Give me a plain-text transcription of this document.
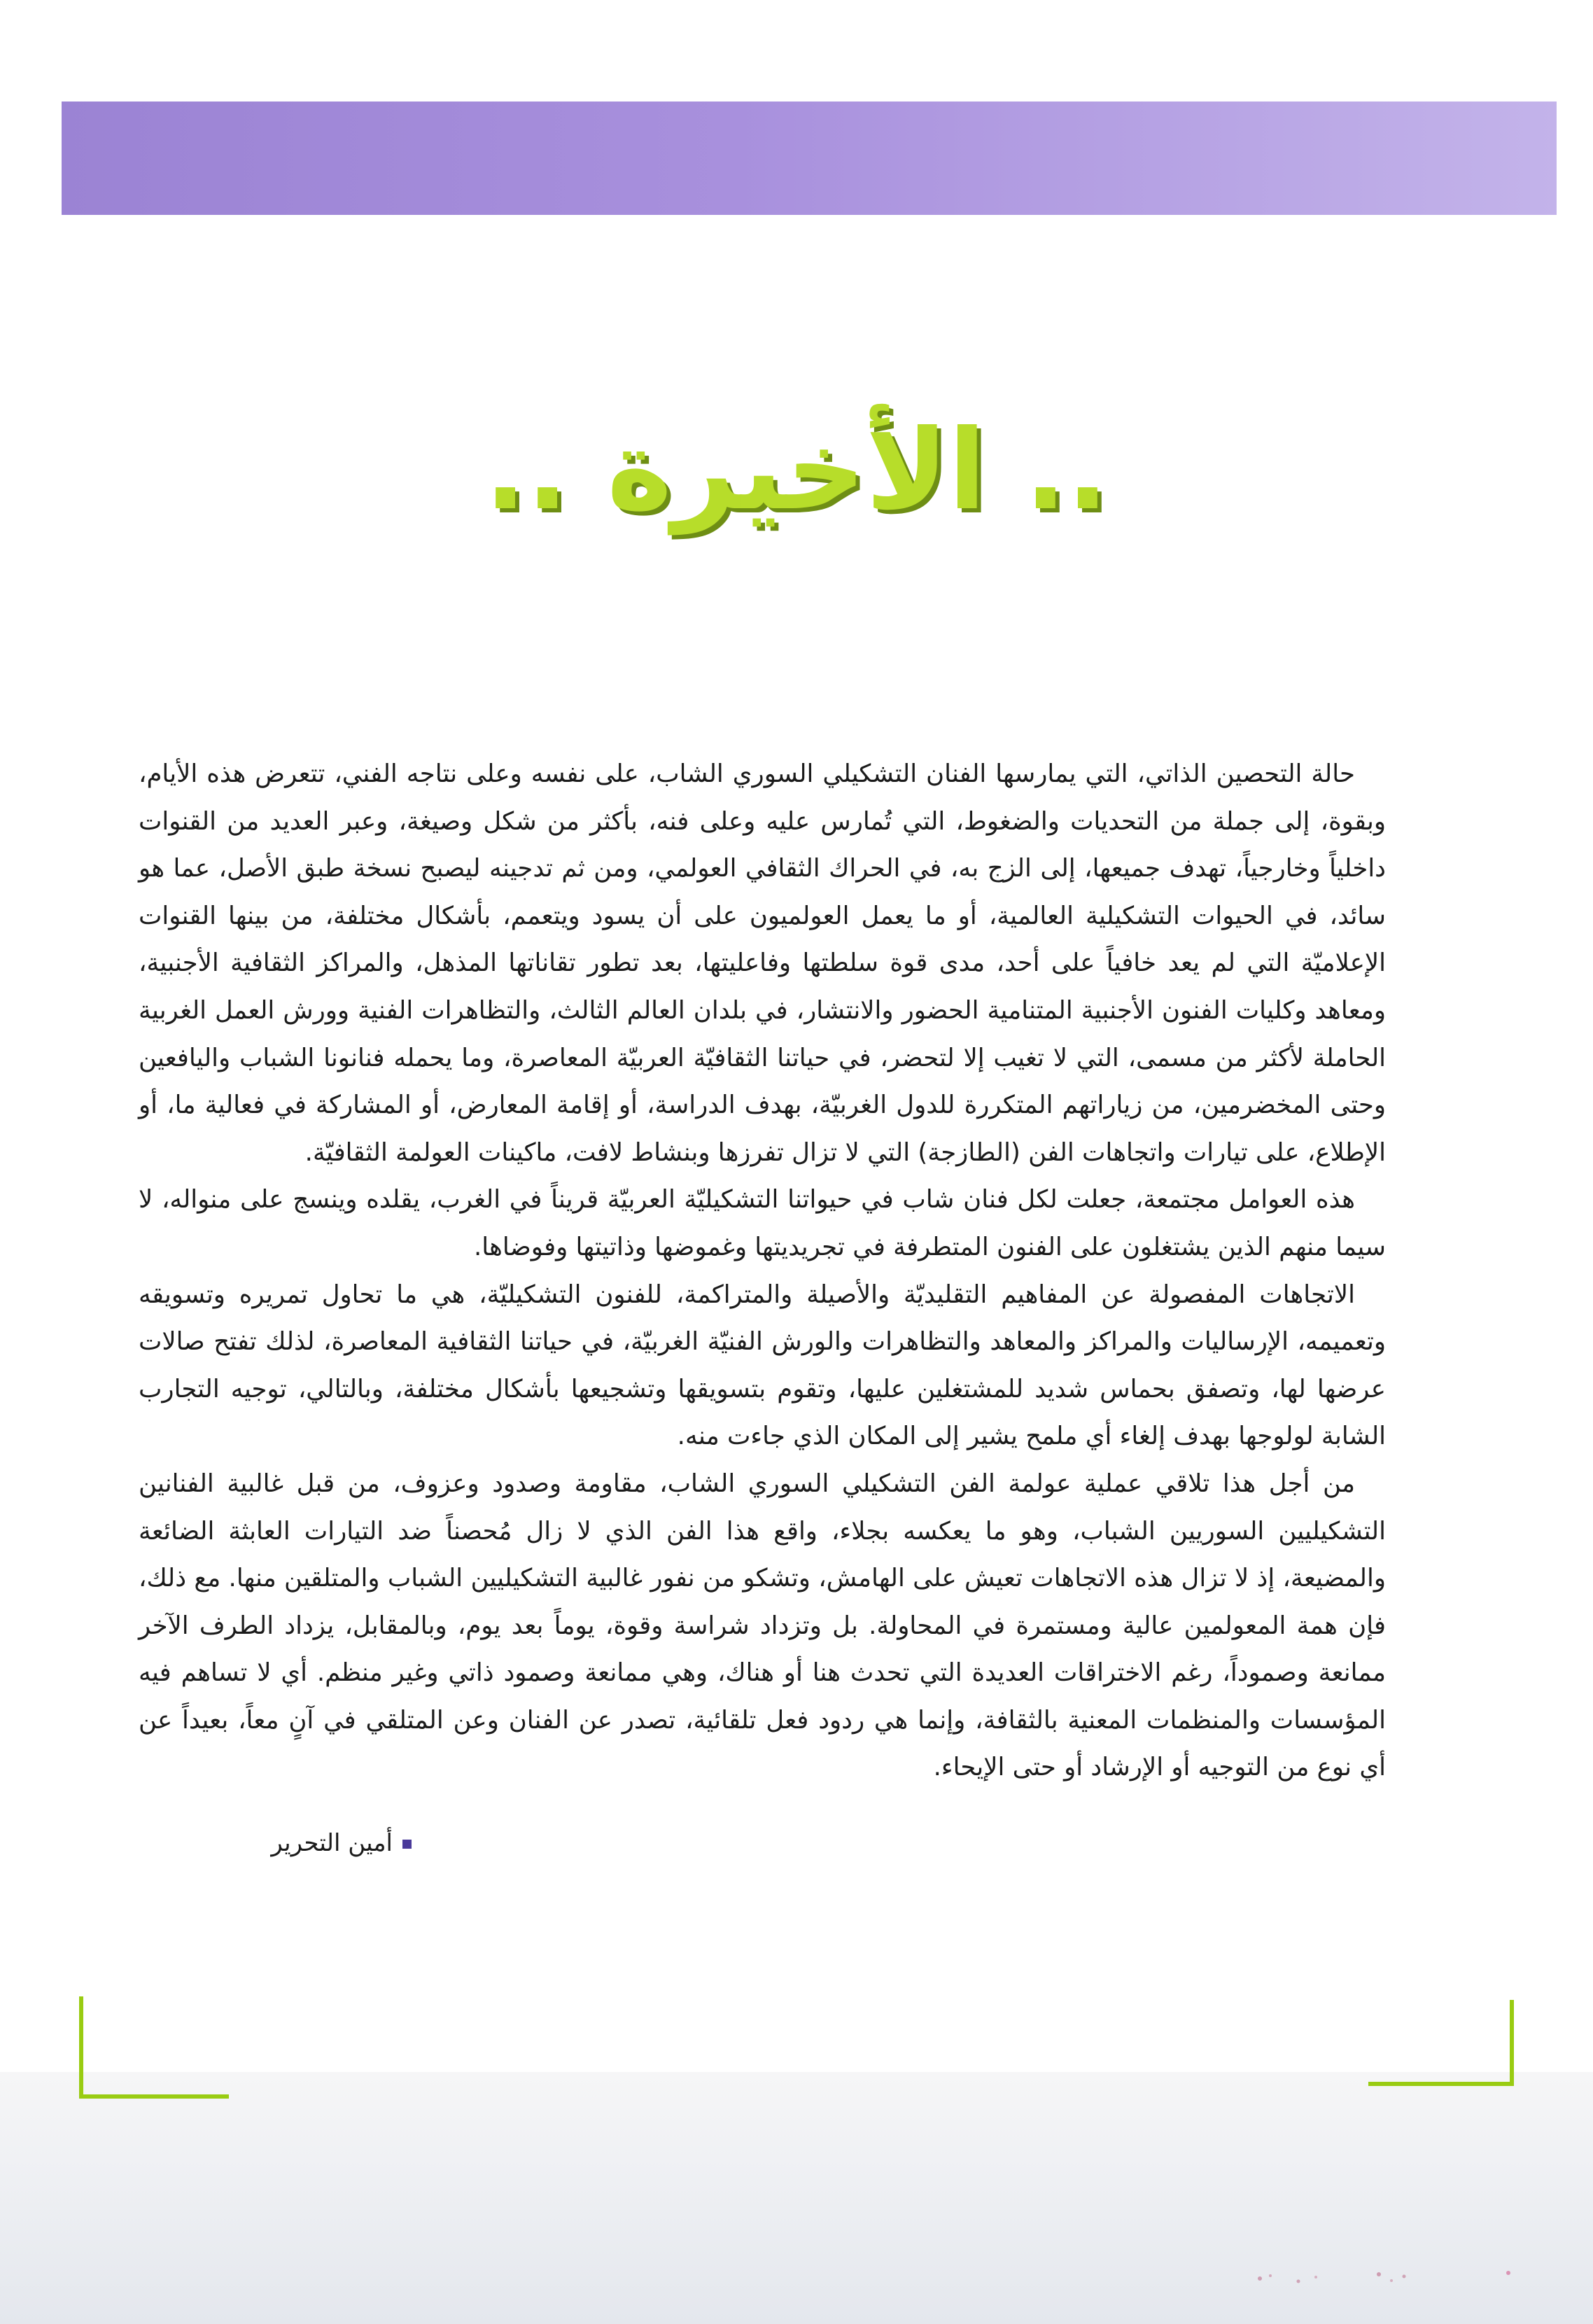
.. الأخيرة ..

حالة التحصين الذاتي، التي يمارسها الفنان التشكيلي السوري الشاب، على نفسه وعلى نتاجه الفني، تتعرض هذه الأيام، وبقوة، إلى جملة من التحديات والضغوط، التي تُمارس عليه وعلى فنه، بأكثر من شكل وصيغة، وعبر العديد من القنوات داخلياً وخارجياً، تهدف جميعها، إلى الزج به، في الحراك الثقافي العولمي، ومن ثم تدجينه ليصبح نسخة طبق الأصل، عما هو سائد، في الحيوات التشكيلية العالمية، أو ما يعمل العولميون على أن يسود ويتعمم، بأشكال مختلفة، من بينها القنوات الإعلاميّة التي لم يعد خافياً على أحد، مدى قوة سلطتها وفاعليتها، بعد تطور تقاناتها المذهل، والمراكز الثقافية الأجنبية، ومعاهد وكليات الفنون الأجنبية المتنامية الحضور والانتشار، في بلدان العالم الثالث، والتظاهرات الفنية وورش العمل الغربية الحاملة لأكثر من مسمى، التي لا تغيب إلا لتحضر، في حياتنا الثقافيّة العربيّة المعاصرة، وما يحمله فنانونا الشباب واليافعين وحتى المخضرمين، من زياراتهم المتكررة للدول الغربيّة، بهدف الدراسة، أو إقامة المعارض، أو المشاركة في فعالية ما، أو الإطلاع، على تيارات واتجاهات الفن (الطازجة) التي لا تزال تفرزها وبنشاط لافت، ماكينات العولمة الثقافيّة.

هذه العوامل مجتمعة، جعلت لكل فنان شاب في حيواتنا التشكيليّة العربيّة قريناً في الغرب، يقلده وينسج على منواله، لا سيما منهم الذين يشتغلون على الفنون المتطرفة في تجريديتها وغموضها وذاتيتها وفوضاها.

الاتجاهات المفصولة عن المفاهيم التقليديّة والأصيلة والمتراكمة، للفنون التشكيليّة، هي ما تحاول تمريره وتسويقه وتعميمه، الإرساليات والمراكز والمعاهد والتظاهرات والورش الفنيّة الغربيّة، في حياتنا الثقافية المعاصرة، لذلك تفتح صالات عرضها لها، وتصفق بحماس شديد للمشتغلين عليها، وتقوم بتسويقها وتشجيعها بأشكال مختلفة، وبالتالي، توجيه التجارب الشابة لولوجها بهدف إلغاء أي ملمح يشير إلى المكان الذي جاءت منه.

من أجل هذا تلاقي عملية عولمة الفن التشكيلي السوري الشاب، مقاومة وصدود وعزوف، من قبل غالبية الفنانين التشكيليين السوريين الشباب، وهو ما يعكسه بجلاء، واقع هذا الفن الذي لا زال مُحصناً ضد التيارات العابثة الضائعة والمضيعة، إذ لا تزال هذه الاتجاهات تعيش على الهامش، وتشكو من نفور غالبية التشكيليين الشباب والمتلقين منها. مع ذلك، فإن همة المعولمين عالية ومستمرة في المحاولة. بل وتزداد شراسة وقوة، يوماً بعد يوم، وبالمقابل، يزداد الطرف الآخر ممانعة وصموداً، رغم الاختراقات العديدة التي تحدث هنا أو هناك، وهي ممانعة وصمود ذاتي وغير منظم. أي لا تساهم فيه المؤسسات والمنظمات المعنية بالثقافة، وإنما هي ردود فعل تلقائية، تصدر عن الفنان وعن المتلقي في آنٍ معاً، بعيداً عن أي نوع من التوجيه أو الإرشاد أو حتى الإيحاء.

أمين التحرير
